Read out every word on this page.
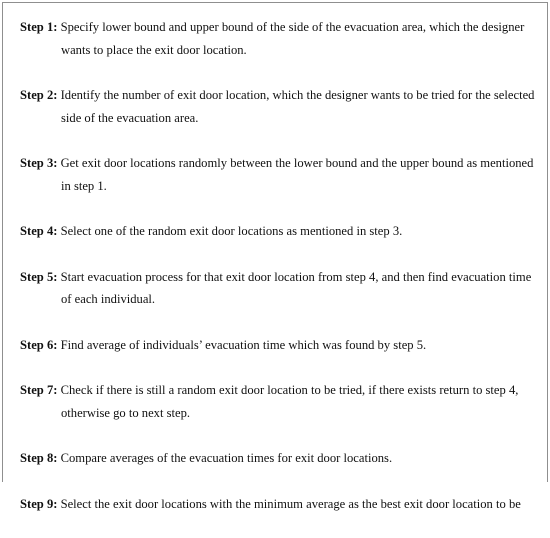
Step 1: Specify lower bound and upper bound of the side of the evacuation area, which the designer wants to place the exit door location.
Step 2: Identify the number of exit door location, which the designer wants to be tried for the selected side of the evacuation area.
Step 3: Get exit door locations randomly between the lower bound and the upper bound as mentioned in step 1.
Step 4: Select one of the random exit door locations as mentioned in step 3.
Step 5: Start evacuation process for that exit door location from step 4, and then find evacuation time of each individual.
Step 6: Find average of individuals’ evacuation time which was found by step 5.
Step 7: Check if there is still a random exit door location to be tried, if there exists return to step 4, otherwise go to next step.
Step 8: Compare averages of the evacuation times for exit door locations.
Step 9: Select the exit door locations with the minimum average as the best exit door location to be
